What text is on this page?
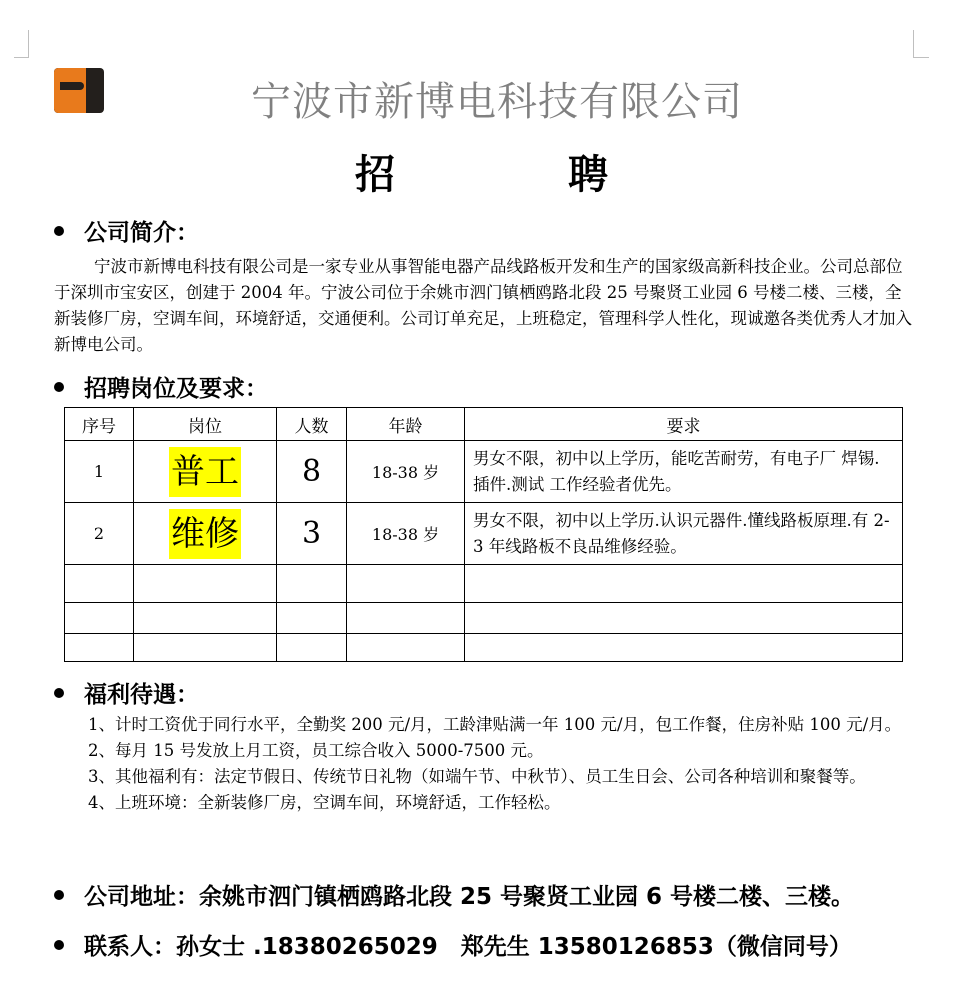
宁波市新博电科技有限公司
招	聘
公司简介：
宁波市新博电科技有限公司是一家专业从事智能电器产品线路板开发和生产的国家级高新科技企业。公司总部位于深圳市宝安区，创建于 2004 年。宁波公司位于余姚市泗门镇栖鸥路北段 25 号聚贤工业园 6 号楼二楼、三楼，全新装修厂房，空调车间，环境舒适，交通便利。公司订单充足，上班稳定，管理科学人性化，现诚邀各类优秀人才加入新博电公司。
招聘岗位及要求：
序号	岗位	人数	年龄	要求
1	普工	8	18-38 岁	男女不限，初中以上学历，能吃苦耐劳，有电子厂 焊锡.插件.测试 工作经验者优先。
2	维修	3	18-38 岁	男女不限，初中以上学历.认识元器件.懂线路板原理.有 2-3 年线路板不良品维修经验。

福利待遇：

1、计时工资优于同行水平，全勤奖 200 元/月，工龄津贴满一年 100 元/月，包工作餐，住房补贴 100 元/月。

2、每月 15 号发放上月工资，员工综合收入 5000-7500 元。

3、其他福利有：法定节假日、传统节日礼物（如端午节、中秋节）、员工生日会、公司各种培训和聚餐等。

4、上班环境：全新装修厂房，空调车间，环境舒适，工作轻松。

公司地址：余姚市泗门镇栖鸥路北段 25 号聚贤工业园 6 号楼二楼、三楼。
联系人：孙女士 .18380265029　郑先生 13580126853（微信同号）
